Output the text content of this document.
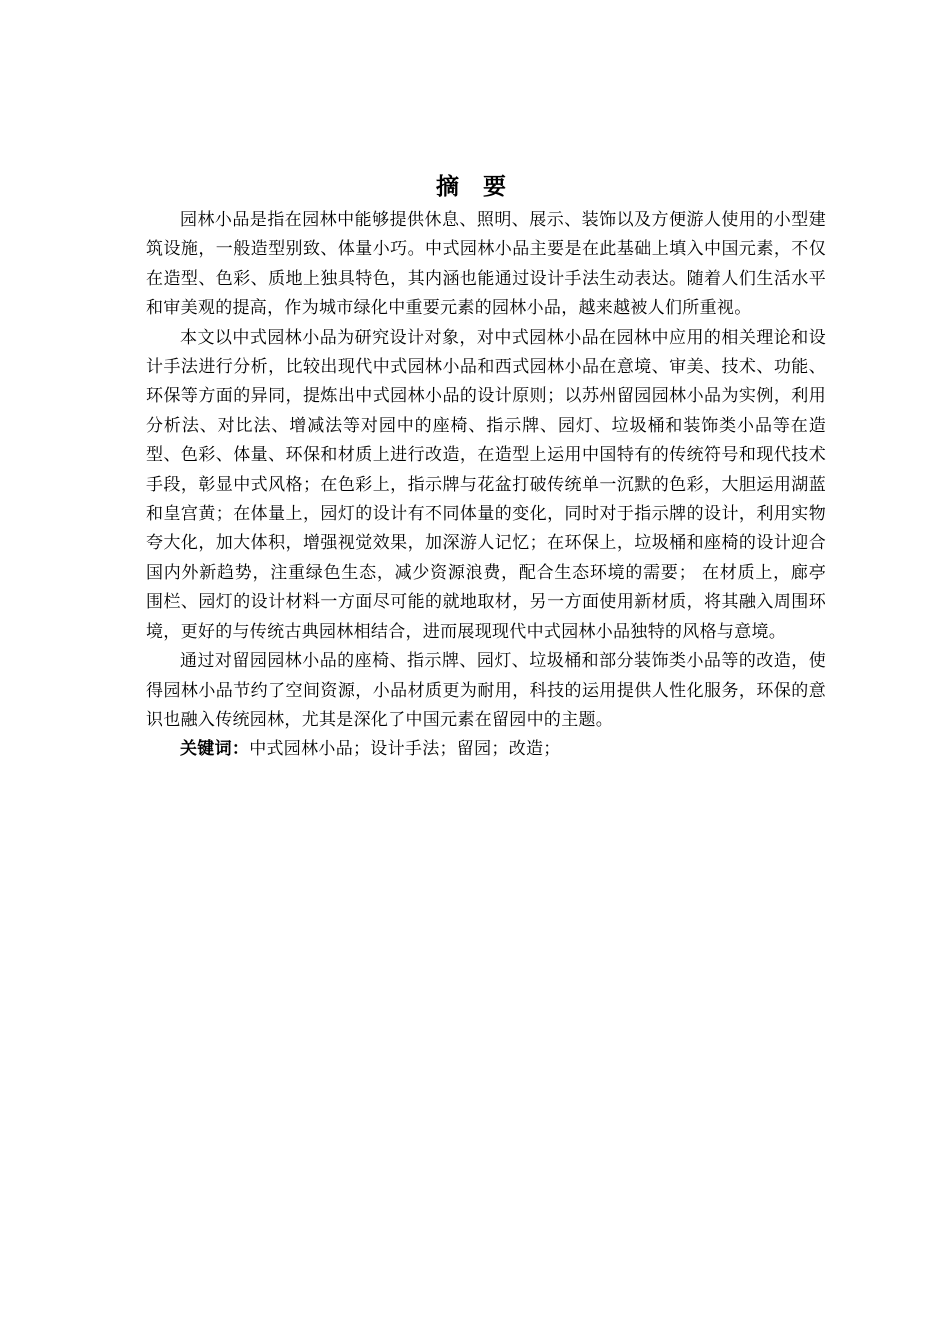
摘 要

园林小品是指在园林中能够提供休息、照明、展示、装饰以及方便游人使用的小型建筑设施，一般造型别致、体量小巧。中式园林小品主要是在此基础上填入中国元素，不仅在造型、色彩、质地上独具特色，其内涵也能通过设计手法生动表达。随着人们生活水平和审美观的提高，作为城市绿化中重要元素的园林小品，越来越被人们所重视。

本文以中式园林小品为研究设计对象，对中式园林小品在园林中应用的相关理论和设计手法进行分析，比较出现代中式园林小品和西式园林小品在意境、审美、技术、功能、环保等方面的异同，提炼出中式园林小品的设计原则；以苏州留园园林小品为实例，利用分析法、对比法、增减法等对园中的座椅、指示牌、园灯、垃圾桶和装饰类小品等在造型、色彩、体量、环保和材质上进行改造，在造型上运用中国特有的传统符号和现代技术手段，彰显中式风格；在色彩上，指示牌与花盆打破传统单一沉默的色彩，大胆运用湖蓝和皇宫黄；在体量上，园灯的设计有不同体量的变化，同时对于指示牌的设计，利用实物夸大化，加大体积，增强视觉效果，加深游人记忆；在环保上，垃圾桶和座椅的设计迎合国内外新趋势，注重绿色生态，减少资源浪费，配合生态环境的需要； 在材质上，廊亭围栏、园灯的设计材料一方面尽可能的就地取材，另一方面使用新材质，将其融入周围环境，更好的与传统古典园林相结合，进而展现现代中式园林小品独特的风格与意境。

通过对留园园林小品的座椅、指示牌、园灯、垃圾桶和部分装饰类小品等的改造，使得园林小品节约了空间资源，小品材质更为耐用，科技的运用提供人性化服务，环保的意识也融入传统园林，尤其是深化了中国元素在留园中的主题。

关键词：中式园林小品；设计手法；留园；改造；
